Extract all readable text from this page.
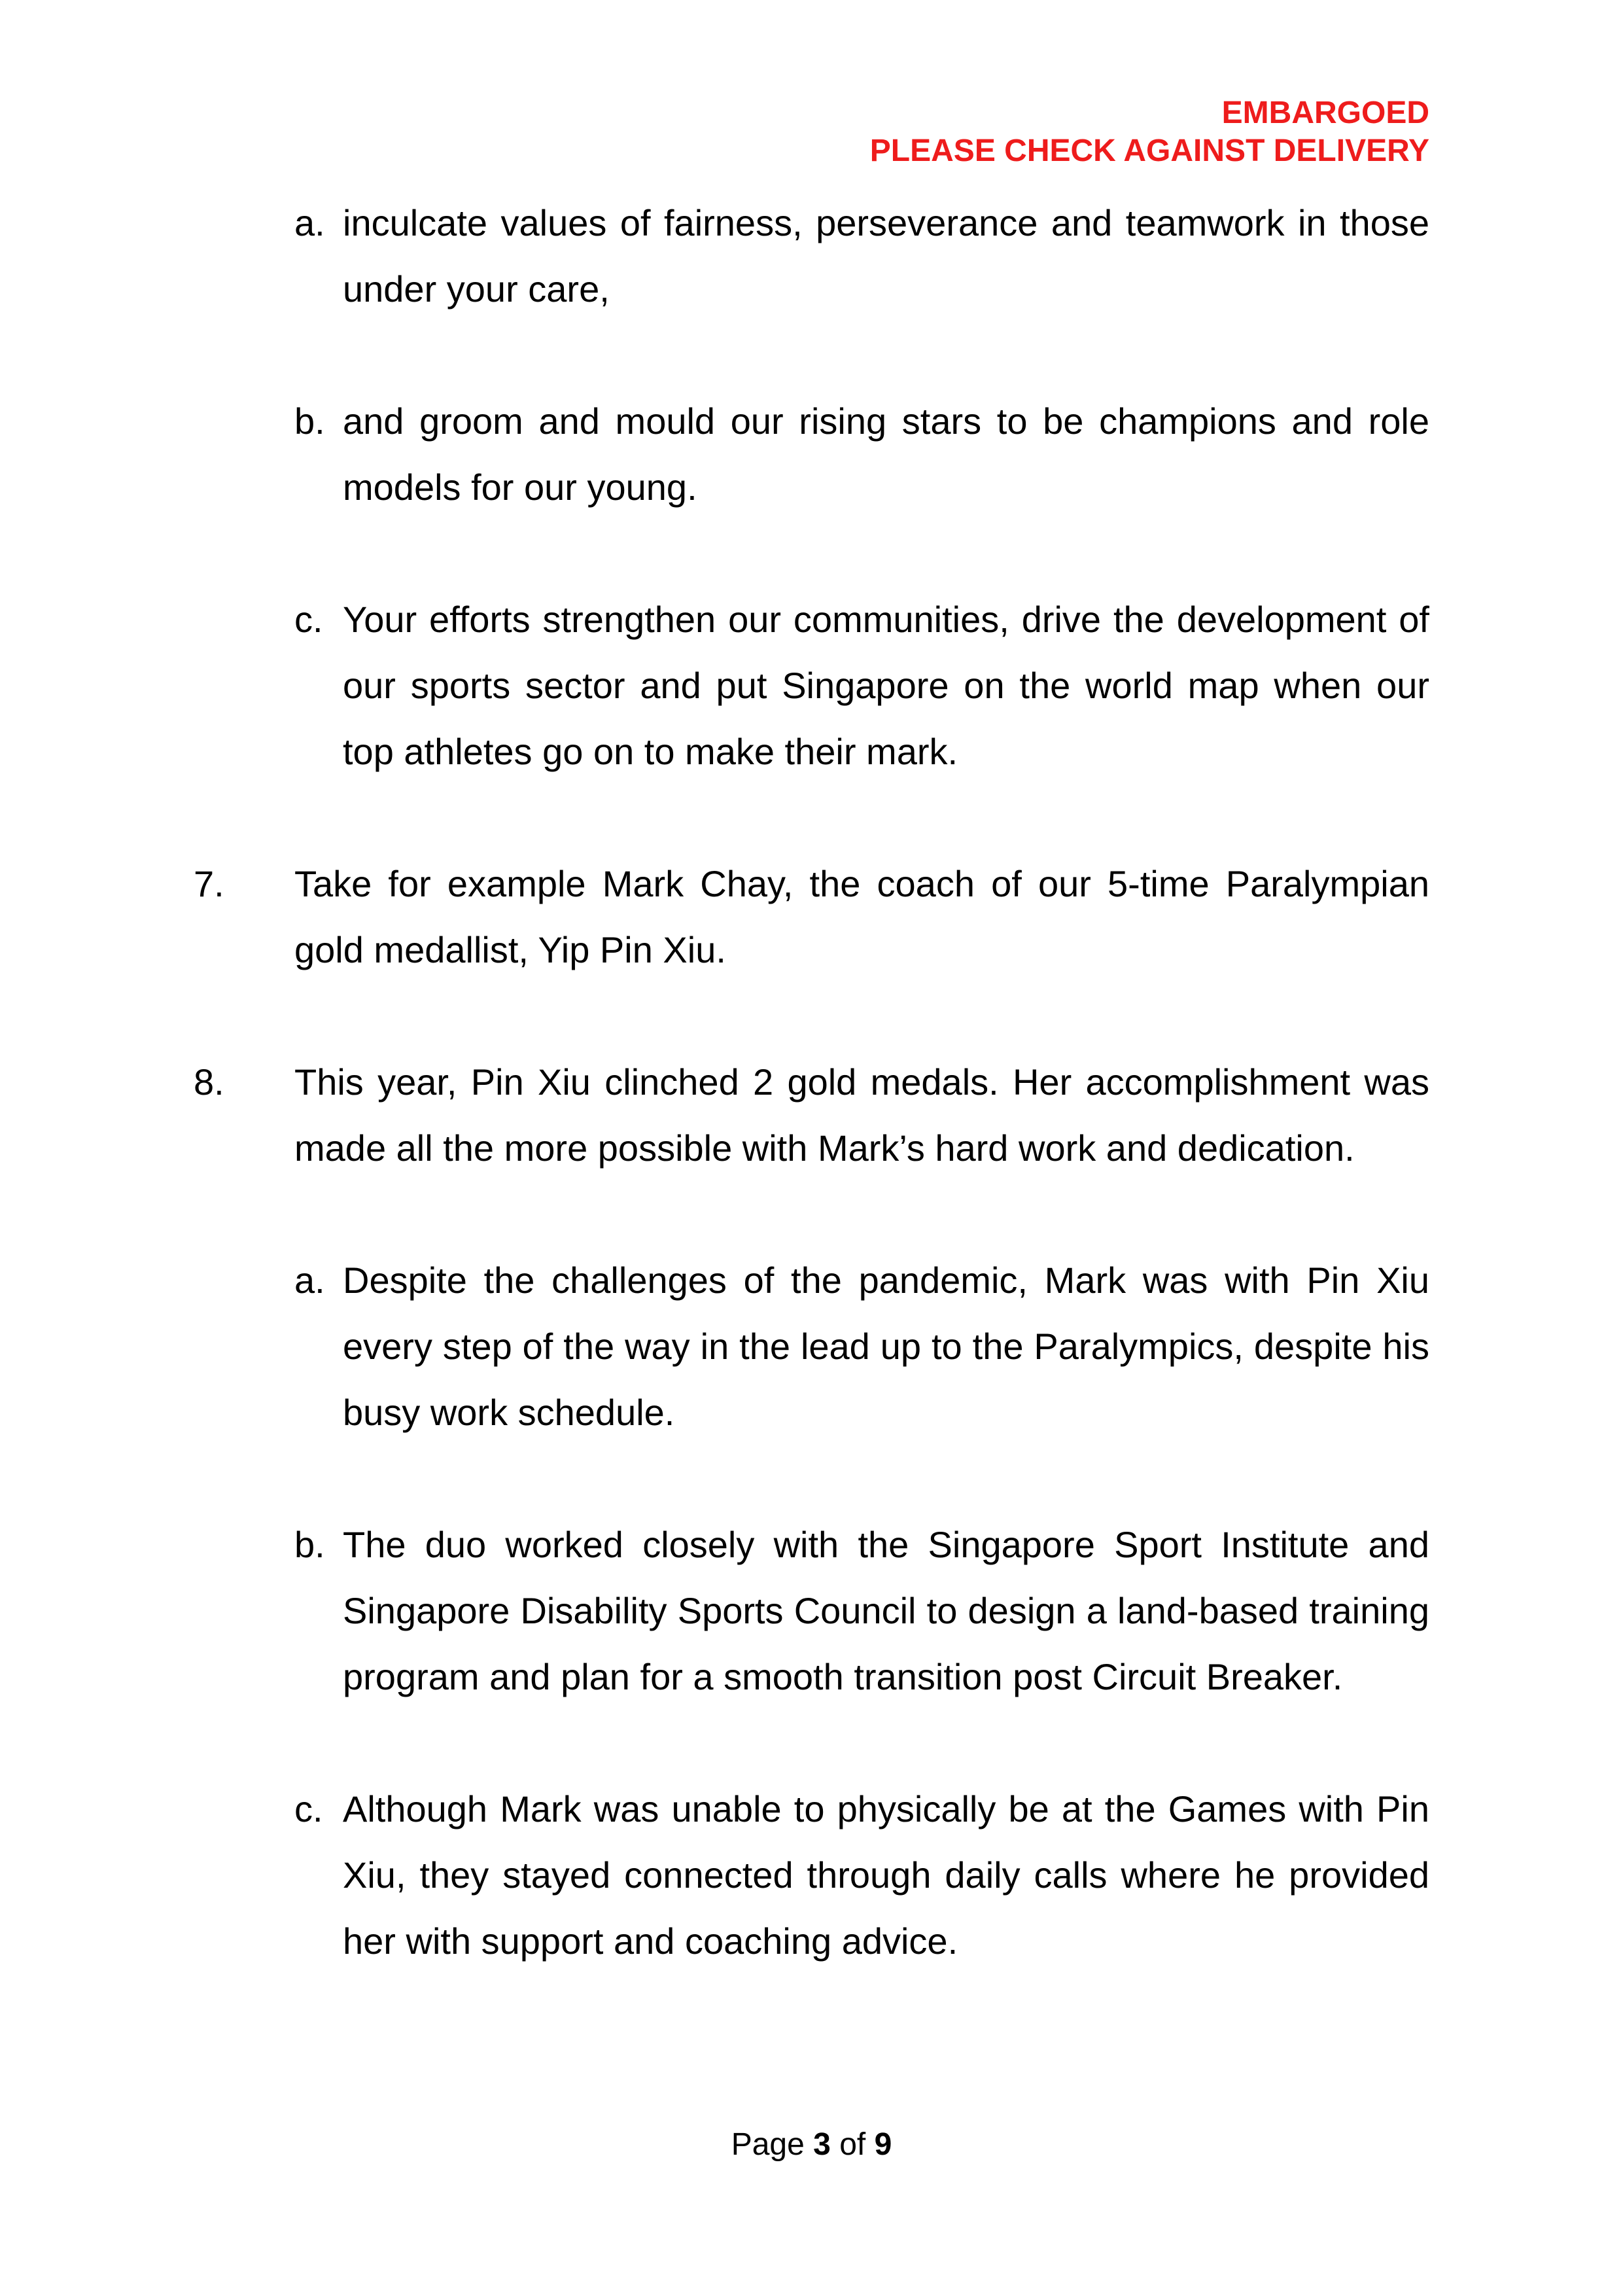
EMBARGOED
PLEASE CHECK AGAINST DELIVERY
a. inculcate values of fairness, perseverance and teamwork in those under your care,
b. and groom and mould our rising stars to be champions and role models for our young.
c. Your efforts strengthen our communities, drive the development of our sports sector and put Singapore on the world map when our top athletes go on to make their mark.
7.	Take for example Mark Chay, the coach of our 5-time Paralympian gold medallist, Yip Pin Xiu.
8.	This year, Pin Xiu clinched 2 gold medals. Her accomplishment was made all the more possible with Mark’s hard work and dedication.
a. Despite the challenges of the pandemic, Mark was with Pin Xiu every step of the way in the lead up to the Paralympics, despite his busy work schedule.
b. The duo worked closely with the Singapore Sport Institute and Singapore Disability Sports Council to design a land-based training program and plan for a smooth transition post Circuit Breaker.
c. Although Mark was unable to physically be at the Games with Pin Xiu, they stayed connected through daily calls where he provided her with support and coaching advice.
Page 3 of 9
